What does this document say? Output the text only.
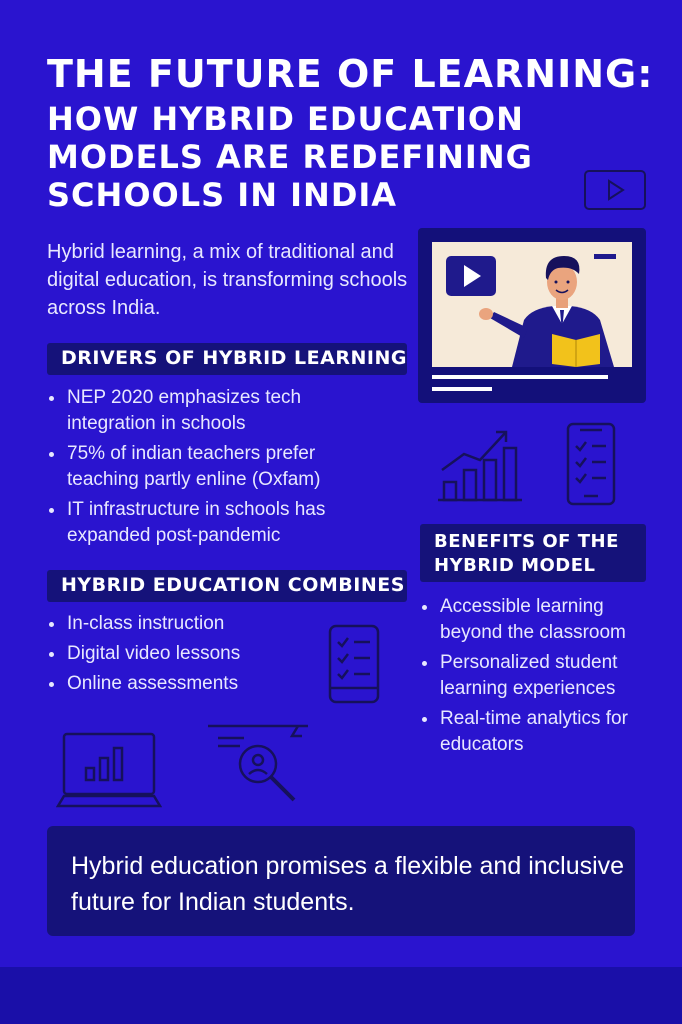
THE FUTURE OF LEARNING:
HOW HYBRID EDUCATION MODELS ARE REDEFINING SCHOOLS IN INDIA
Hybrid learning, a mix of traditional and digital education, is transforming schools across India.
DRIVERS OF HYBRID LEARNING
NEP 2020 emphasizes tech integration in schools
75% of indian teachers prefer teaching partly enline (Oxfam)
IT infrastructure in schools has expanded post-pandemic	BENEFITS OF THE HYBRID MODEL
Accessible learning beyond the classroom
Personalized student learning experiences
Real-time analytics for educators
HYBRID EDUCATION COMBINES
In-class instruction
Digital video lessons
Online assessments
Hybrid education promises a flexible and inclusive future for Indian students.
